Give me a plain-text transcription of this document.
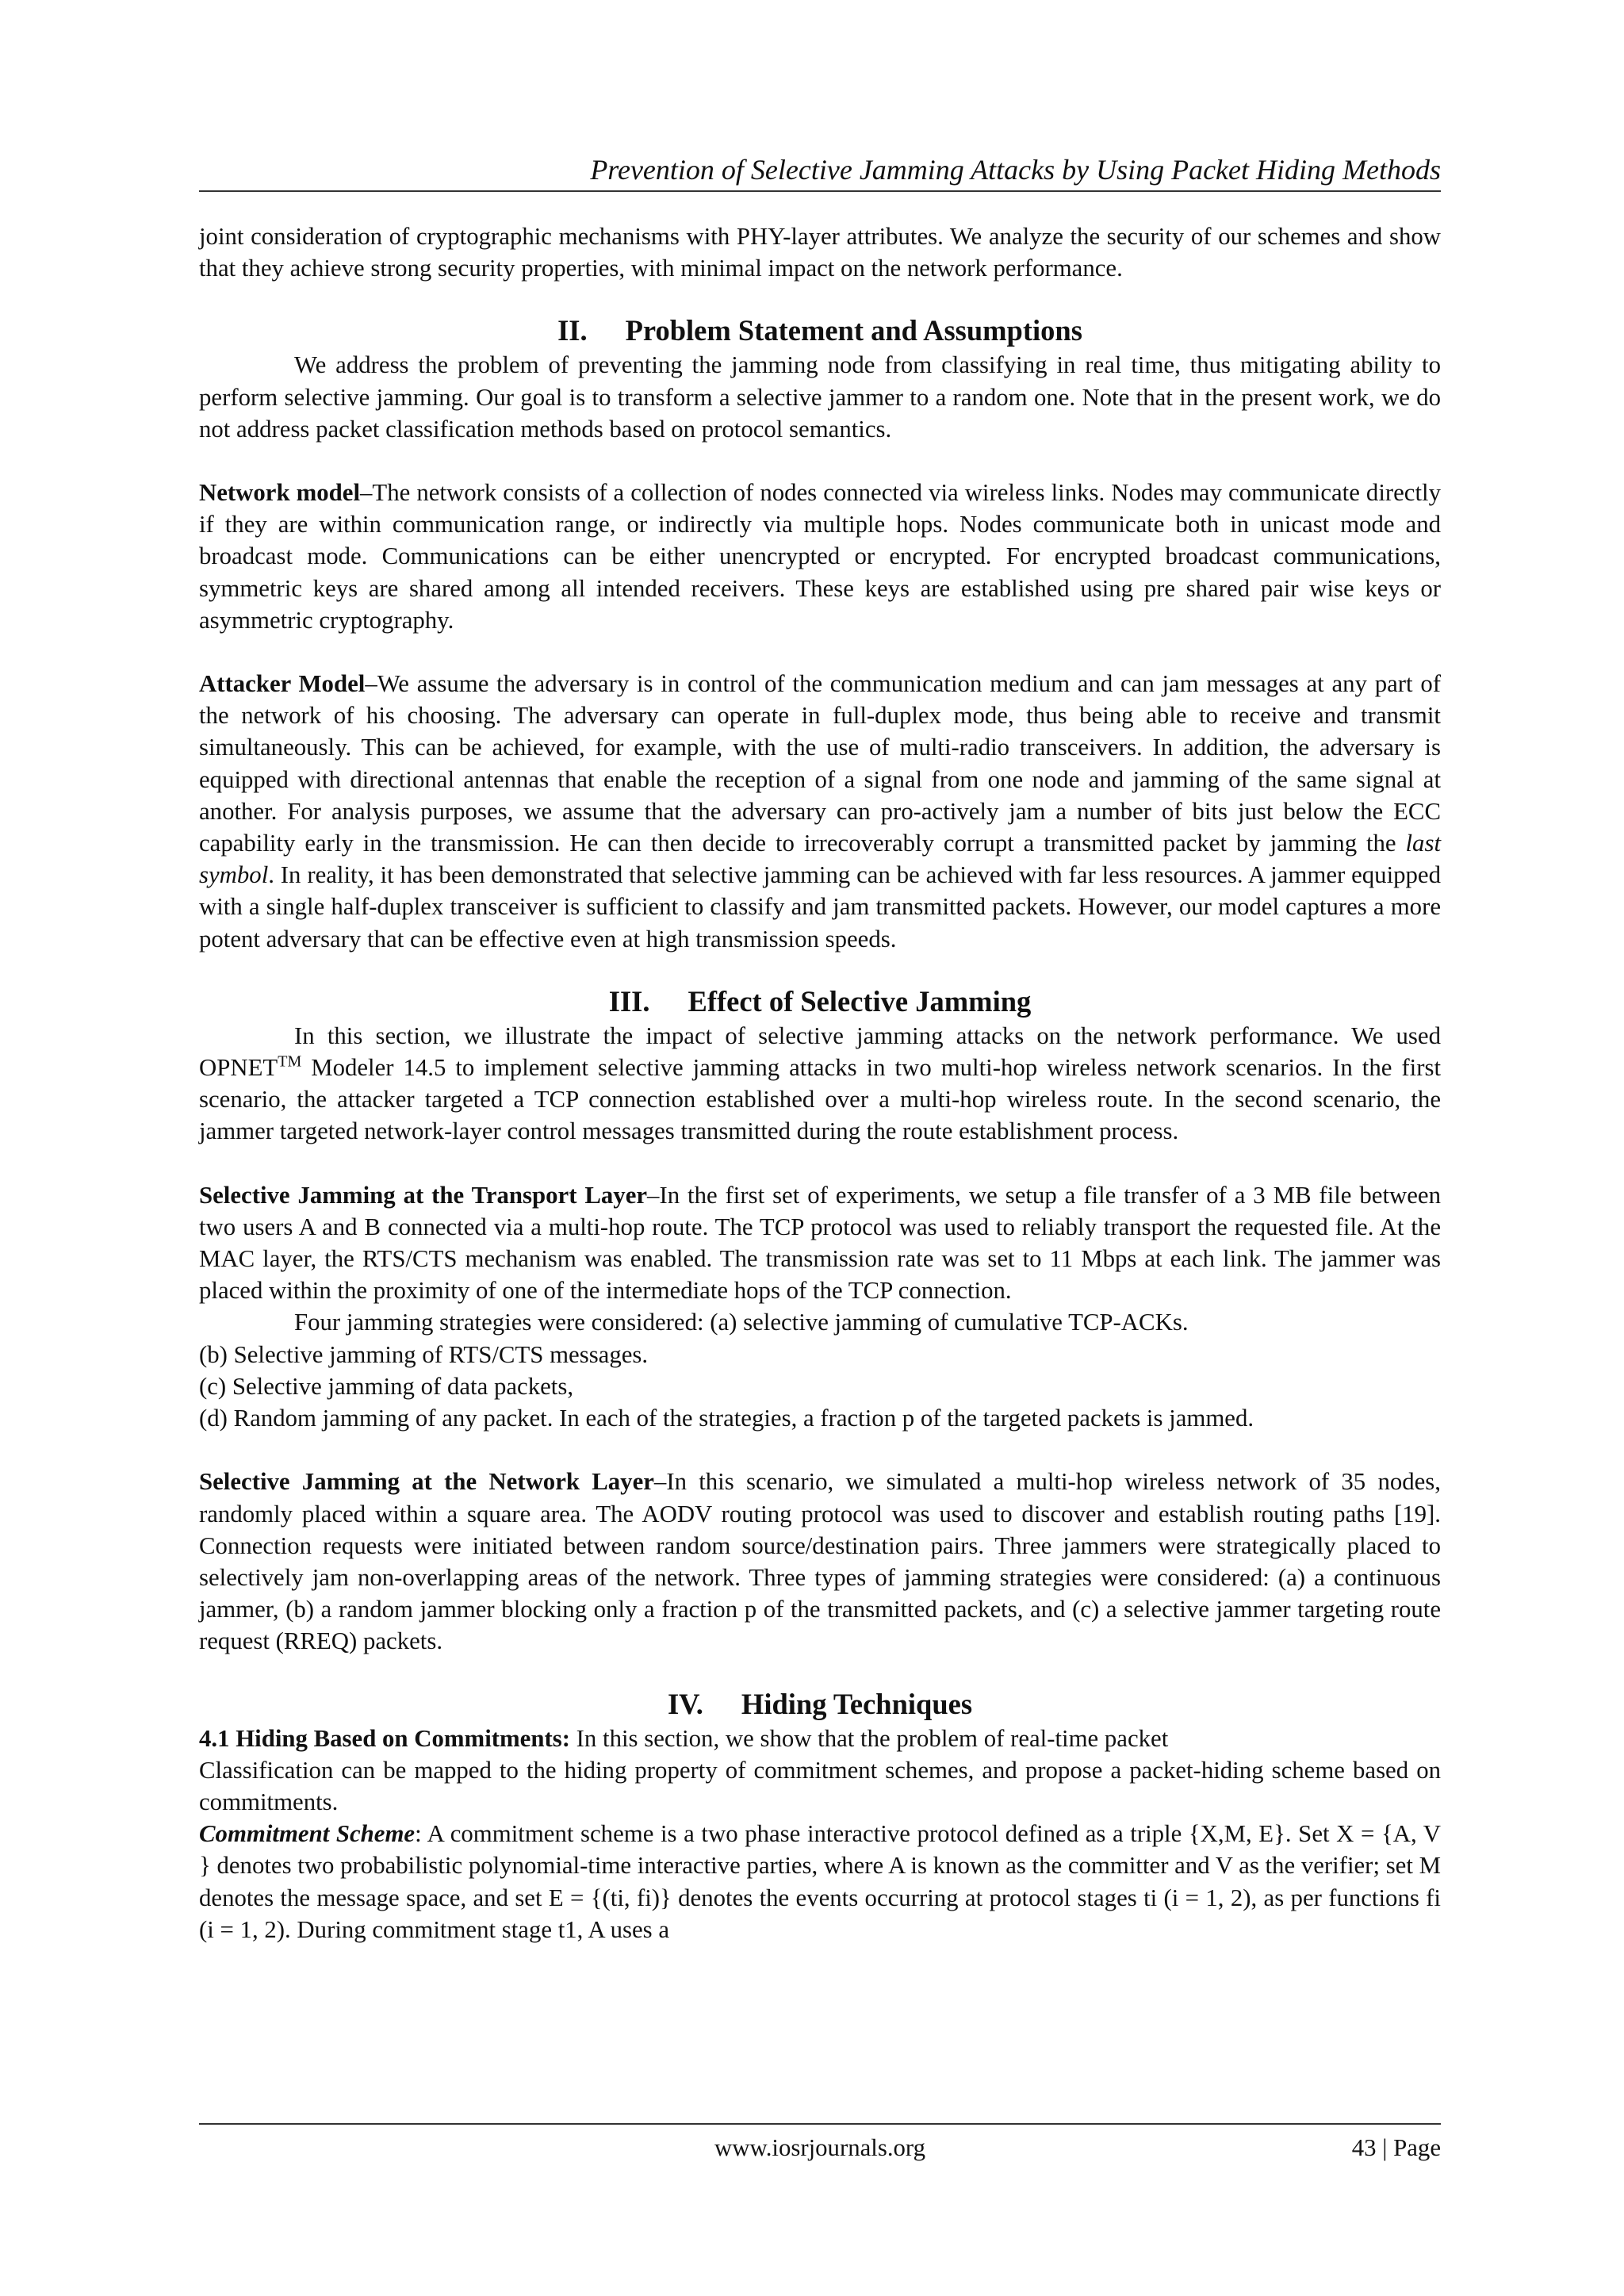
Prevention of Selective Jamming Attacks by Using Packet Hiding Methods

joint consideration of cryptographic mechanisms with PHY-layer attributes. We analyze the security of our schemes and show that they achieve strong security properties, with minimal impact on the network performance.

II. Problem Statement and Assumptions

We address the problem of preventing the jamming node from classifying in real time, thus mitigating ability to perform selective jamming. Our goal is to transform a selective jammer to a random one. Note that in the present work, we do not address packet classification methods based on protocol semantics.

Network model–The network consists of a collection of nodes connected via wireless links. Nodes may communicate directly if they are within communication range, or indirectly via multiple hops. Nodes communicate both in unicast mode and broadcast mode. Communications can be either unencrypted or encrypted. For encrypted broadcast communications, symmetric keys are shared among all intended receivers. These keys are established using pre shared pair wise keys or asymmetric cryptography.

Attacker Model–We assume the adversary is in control of the communication medium and can jam messages at any part of the network of his choosing. The adversary can operate in full-duplex mode, thus being able to receive and transmit simultaneously. This can be achieved, for example, with the use of multi-radio transceivers. In addition, the adversary is equipped with directional antennas that enable the reception of a signal from one node and jamming of the same signal at another. For analysis purposes, we assume that the adversary can pro-actively jam a number of bits just below the ECC capability early in the transmission. He can then decide to irrecoverably corrupt a transmitted packet by jamming the last symbol. In reality, it has been demonstrated that selective jamming can be achieved with far less resources. A jammer equipped with a single half-duplex transceiver is sufficient to classify and jam transmitted packets. However, our model captures a more potent adversary that can be effective even at high transmission speeds.

III. Effect of Selective Jamming

In this section, we illustrate the impact of selective jamming attacks on the network performance. We used OPNET™ Modeler 14.5 to implement selective jamming attacks in two multi-hop wireless network scenarios. In the first scenario, the attacker targeted a TCP connection established over a multi-hop wireless route. In the second scenario, the jammer targeted network-layer control messages transmitted during the route establishment process.

Selective Jamming at the Transport Layer–In the first set of experiments, we setup a file transfer of a 3 MB file between two users A and B connected via a multi-hop route. The TCP protocol was used to reliably transport the requested file. At the MAC layer, the RTS/CTS mechanism was enabled. The transmission rate was set to 11 Mbps at each link. The jammer was placed within the proximity of one of the intermediate hops of the TCP connection.

Four jamming strategies were considered: (a) selective jamming of cumulative TCP-ACKs.

(b) Selective jamming of RTS/CTS messages.

(c) Selective jamming of data packets,

(d) Random jamming of any packet. In each of the strategies, a fraction p of the targeted packets is jammed.

Selective Jamming at the Network Layer–In this scenario, we simulated a multi-hop wireless network of 35 nodes, randomly placed within a square area. The AODV routing protocol was used to discover and establish routing paths [19]. Connection requests were initiated between random source/destination pairs. Three jammers were strategically placed to selectively jam non-overlapping areas of the network. Three types of jamming strategies were considered: (a) a continuous jammer, (b) a random jammer blocking only a fraction p of the transmitted packets, and (c) a selective jammer targeting route request (RREQ) packets.

IV. Hiding Techniques

4.1 Hiding Based on Commitments: In this section, we show that the problem of real-time packet

Classification can be mapped to the hiding property of commitment schemes, and propose a packet-hiding scheme based on commitments.

Commitment Scheme: A commitment scheme is a two phase interactive protocol defined as a triple {X,M, E}. Set X = {A, V } denotes two probabilistic polynomial-time interactive parties, where A is known as the committer and V as the verifier; set M denotes the message space, and set E = {(ti, fi)} denotes the events occurring at protocol stages ti (i = 1, 2), as per functions fi (i = 1, 2). During commitment stage t1, A uses a

www.iosrjournals.org	43 | Page
